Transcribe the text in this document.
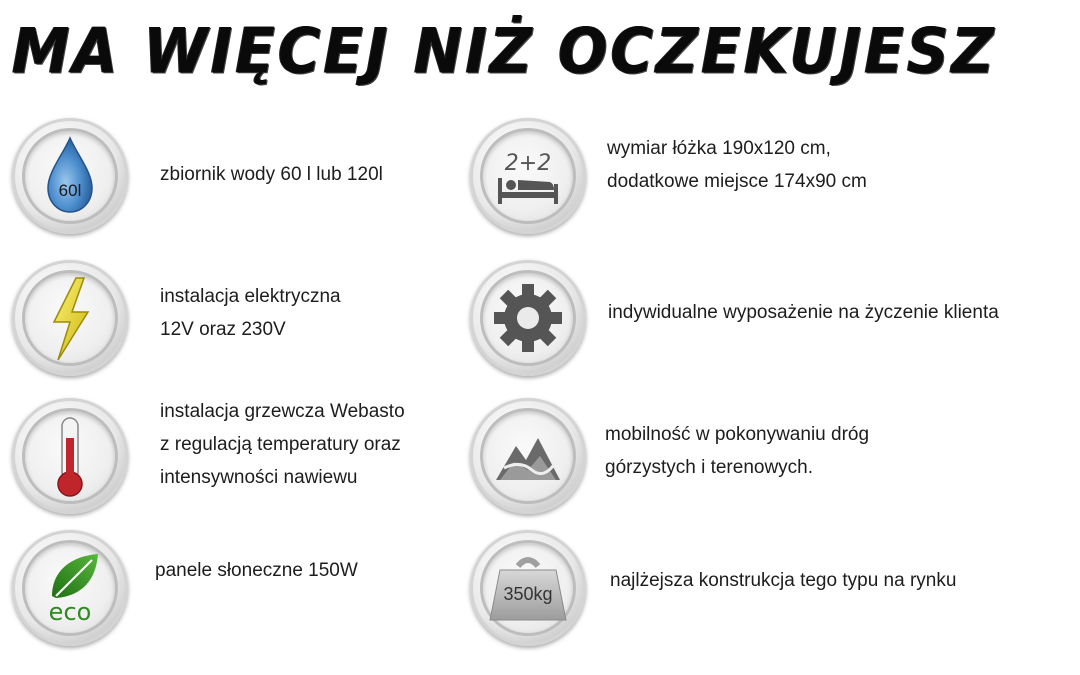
MA WIĘCEJ NIŻ OCZEKUJESZ
60l
zbiornik wody 60 l lub 120l	2+2
wymiar łóżka 190x120 cm,
dodatkowe miejsce 174x90 cm
instalacja elektryczna
12V oraz 230V
indywidualne wyposażenie na życzenie klienta
instalacja grzewcza Webasto
z regulacją temperatury oraz
intensywności nawiewu
mobilność w pokonywaniu dróg
górzystych i terenowych.
eco
panele słoneczne 150W
350kg
najlżejsza konstrukcja tego typu na rynku
